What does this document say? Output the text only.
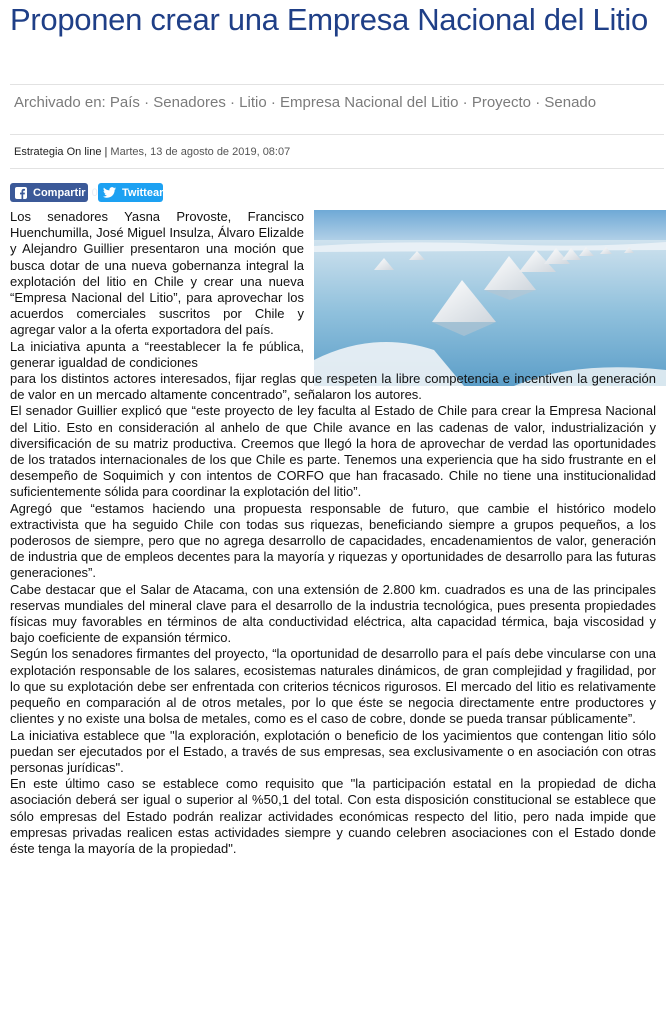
Proponen crear una Empresa Nacional del Litio
Archivado en: País · Senadores · Litio · Empresa Nacional del Litio · Proyecto · Senado
Estrategia On line | Martes, 13 de agosto de 2019, 08:07
Compartir 0 Twittear

Los senadores Yasna Provoste, Francisco Huenchumilla, José Miguel Insulza, Álvaro Elizalde y Alejandro Guillier presentaron una moción que busca dotar de una nueva gobernanza integral la explotación del litio en Chile y crear una nueva “Empresa Nacional del Litio”, para aprovechar los acuerdos comerciales suscritos por Chile y agregar valor a la oferta exportadora del país.

La iniciativa apunta a “reestablecer la fe pública, generar igualdad de condiciones

para los distintos actores interesados, fijar reglas que respeten la libre competencia e incentiven la generación de valor en un mercado altamente concentrado”, señalaron los autores.

El senador Guillier explicó que “este proyecto de ley faculta al Estado de Chile para crear la Empresa Nacional del Litio. Esto en consideración al anhelo de que Chile avance en las cadenas de valor, industrialización y diversificación de su matriz productiva. Creemos que llegó la hora de aprovechar de verdad las oportunidades de los tratados internacionales de los que Chile es parte. Tenemos una experiencia que ha sido frustrante en el desempeño de Soquimich y con intentos de CORFO que han fracasado. Chile no tiene una institucionalidad suficientemente sólida para coordinar la explotación del litio”.

Agregó que “estamos haciendo una propuesta responsable de futuro, que cambie el histórico modelo extractivista que ha seguido Chile con todas sus riquezas, beneficiando siempre a grupos pequeños, a los poderosos de siempre, pero que no agrega desarrollo de capacidades, encadenamientos de valor, generación de industria que de empleos decentes para la mayoría y riquezas y oportunidades de desarrollo para las futuras generaciones”.

Cabe destacar que el Salar de Atacama, con una extensión de 2.800 km. cuadrados es una de las principales reservas mundiales del mineral clave para el desarrollo de la industria tecnológica, pues presenta propiedades físicas muy favorables en términos de alta conductividad eléctrica, alta capacidad térmica, baja viscosidad y bajo coeficiente de expansión térmico.

Según los senadores firmantes del proyecto, “la oportunidad de desarrollo para el país debe vincularse con una explotación responsable de los salares, ecosistemas naturales dinámicos, de gran complejidad y fragilidad, por lo que su explotación debe ser enfrentada con criterios técnicos rigurosos. El mercado del litio es relativamente pequeño en comparación al de otros metales, por lo que éste se negocia directamente entre productores y clientes y no existe una bolsa de metales, como es el caso de cobre, donde se pueda transar públicamente”.

La iniciativa establece que "la exploración, explotación o beneficio de los yacimientos que contengan litio sólo puedan ser ejecutados por el Estado, a través de sus empresas, sea exclusivamente o en asociación con otras personas jurídicas".

En este último caso se establece como requisito que "la participación estatal en la propiedad de dicha asociación deberá ser igual o superior al %50,1 del total. Con esta disposición constitucional se establece que sólo empresas del Estado podrán realizar actividades económicas respecto del litio, pero nada impide que empresas privadas realicen estas actividades siempre y cuando celebren asociaciones con el Estado donde éste tenga la mayoría de la propiedad".
